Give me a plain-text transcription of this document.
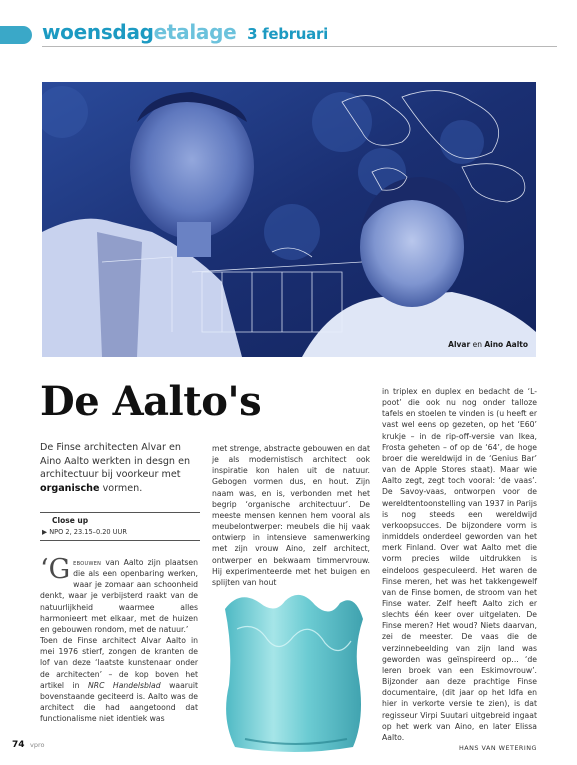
woensdagetalage 3 februari
Alvar en Aino Aalto
De Aalto's
De Finse architecten Alvar en Aino Aalto werkten in desgn en architectuur bij voorkeur met organische vormen.
Close up
▶ NPO 2, 23.15–0.20 UUR

‘Gebouwen van Aalto zijn plaatsen die als een openbaring werken, waar je zomaar aan schoonheid denkt, waar je verbijsterd raakt van de natuurlijkheid waarmee alles harmonieert met elkaar, met de huizen en gebouwen rondom, met de natuur.’

Toen de Finse architect Alvar Aalto in mei 1976 stierf, zongen de kranten de lof van deze ‘laatste kunstenaar onder de architecten’ – de kop boven het artikel in NRC Handelsblad waaruit bovenstaande geciteerd is. Aalto was de architect die had aangetoond dat functionalisme niet identiek was

met strenge, abstracte gebouwen en dat je als modernistisch architect ook inspiratie kon halen uit de natuur. Gebogen vormen dus, en hout. Zijn naam was, en is, verbonden met het begrip ‘organische architectuur’. De meeste mensen kennen hem vooral als meubelontwerper: meubels die hij vaak ontwierp in intensieve samenwerking met zijn vrouw Aino, zelf architect, ontwerper en bekwaam timmervrouw. Hij experimenteerde met het buigen en splijten van hout

in triplex en duplex en bedacht de ‘L-poot’ die ook nu nog onder talloze tafels en stoelen te vinden is (u heeft er vast wel eens op gezeten, op het ‘E60’ krukje – in de rip-off-versie van Ikea, Frosta geheten – of op de ‘64’, de hoge broer die wereldwijd in de ‘Genius Bar’ van de Apple Stores staat). Maar wie Aalto zegt, zegt toch vooral: ‘de vaas’. De Savoy-vaas, ontworpen voor de wereldtentoonstelling van 1937 in Parijs is nog steeds een wereldwijd verkoopsucces. De bijzondere vorm is inmiddels onderdeel geworden van het merk Finland. Over wat Aalto met die vorm precies wilde uitdrukken is eindeloos gespeculeerd. Het waren de Finse meren, het was het takkengewelf van de Finse bomen, de stroom van het Finse water. Zelf heeft Aalto zich er slechts één keer over uitgelaten. De Finse meren? Het woud? Niets daarvan, zei de meester. De vaas die de verzinnebeelding van zijn land was geworden was geïnspireerd op... ‘de leren broek van een Eskimovrouw’. Bijzonder aan deze prachtige Finse documentaire, (dit jaar op het Idfa en hier in verkorte versie te zien), is dat regisseur Virpi Suutari uitgebreid ingaat op het werk van Aino, en later Elissa Aalto.

HANS VAN WETERING

74 vpro
